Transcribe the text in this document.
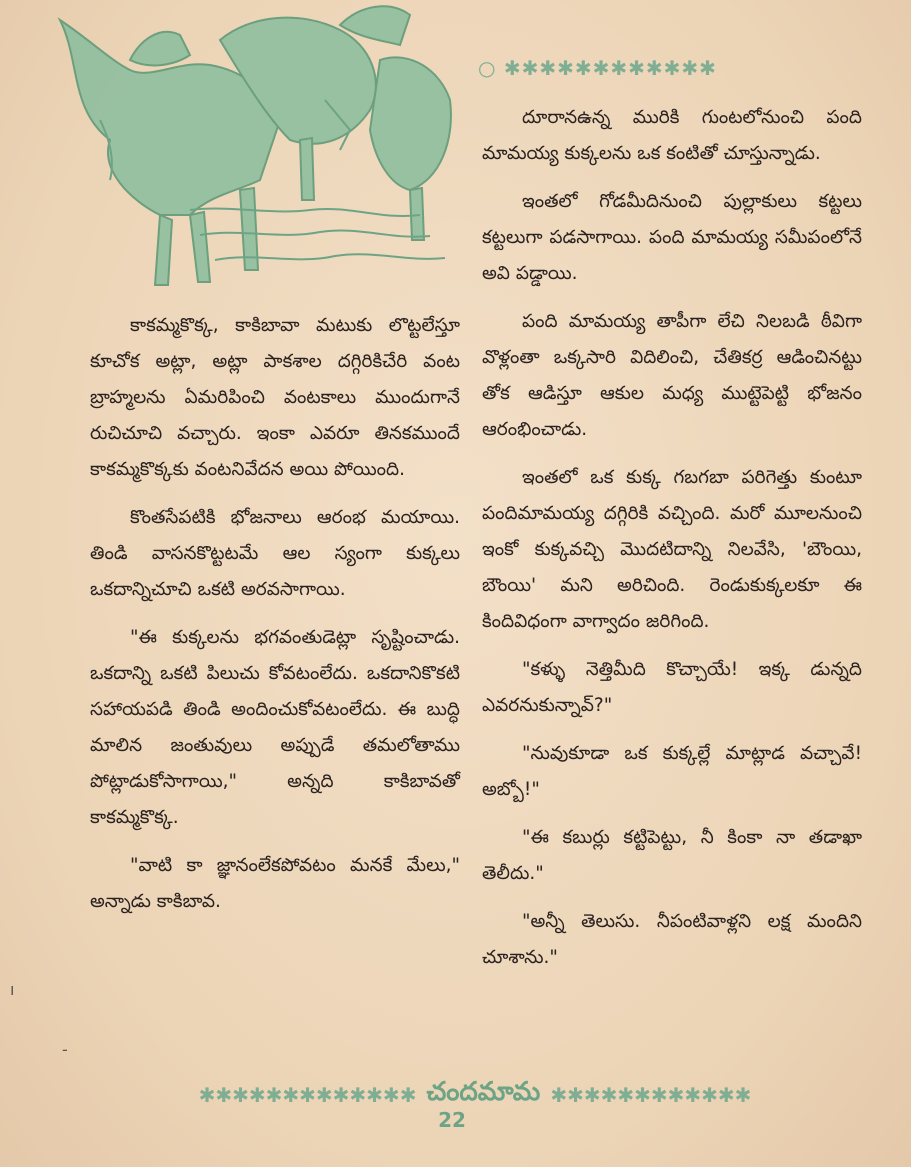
○ ✱✱✱✱✱✱✱✱✱✱✱✱

కాకమ్మకొక్క, కాకిబావా మటుకు లొట్టలేస్తూ కూచోక అట్లా, అట్లా పాకశాల దగ్గిరికిచేరి వంట బ్రాహ్మలను ఏమరిపించి వంటకాలు ముందుగానే రుచిచూచి వచ్చారు. ఇంకా ఎవరూ తినకముందే కాకమ్మకొక్కకు వంటనివేదన అయి పోయింది.

కొంతసేపటికి భోజనాలు ఆరంభ మయాయి. తిండి వాసనకొట్టటమే ఆల స్యంగా కుక్కలు ఒకదాన్నిచూచి ఒకటి అరవసాగాయి.

"ఈ కుక్కలను భగవంతుడెట్లా సృష్టించాడు. ఒకదాన్ని ఒకటి పిలుచు కోవటంలేదు. ఒకదానికొకటి సహాయపడి తిండి అందించుకోవటంలేదు. ఈ బుద్ధి మాలిన జంతువులు అప్పుడే తమలోతాము పోట్లాడుకోసాగాయి," అన్నది కాకిబావతో కాకమ్మకొక్క.

"వాటి కా జ్ఞానంలేకపోవటం మనకే మేలు," అన్నాడు కాకిబావ.

దూరానఉన్న మురికి గుంటలోనుంచి పంది మామయ్య కుక్కలను ఒక కంటితో చూస్తున్నాడు.

ఇంతలో గోడమీదినుంచి పుల్లాకులు కట్టలు కట్టలుగా పడసాగాయి. పంది మామయ్య సమీపంలోనే అవి పడ్డాయి.

పంది మామయ్య తాపీగా లేచి నిలబడి ఠీవిగా వొళ్లంతా ఒక్కసారి విదిలించి, చేతికర్ర ఆడించినట్టు తోక ఆడిస్తూ ఆకుల మధ్య ముట్టెపెట్టి భోజనం ఆరంభించాడు.

ఇంతలో ఒక కుక్క గబగబా పరిగెత్తు కుంటూ పందిమామయ్య దగ్గిరికి వచ్చింది. మరో మూలనుంచి ఇంకో కుక్కవచ్చి మొదటిదాన్ని నిలవేసి, 'బౌంయి, బౌంయి' మని అరిచింది. రెండుకుక్కలకూ ఈ కిందివిధంగా వాగ్వాదం జరిగింది.

"కళ్ళు నెత్తిమీది కొచ్చాయే! ఇక్క డున్నది ఎవరనుకున్నావ్?"

"నువుకూడా ఒక కుక్కల్లే మాట్లాడ వచ్చావే! అబ్బో!"

"ఈ కబుర్లు కట్టిపెట్టు, నీ కింకా నా తడాఖా తెలీదు."

"అన్నీ తెలుసు. నీపంటివాళ్లని లక్ష మందిని చూశాను."

✱✱✱✱✱✱✱✱✱✱✱✱✱ చందమామ ✱✱✱✱✱✱✱✱✱✱✱✱
22
ı
-
